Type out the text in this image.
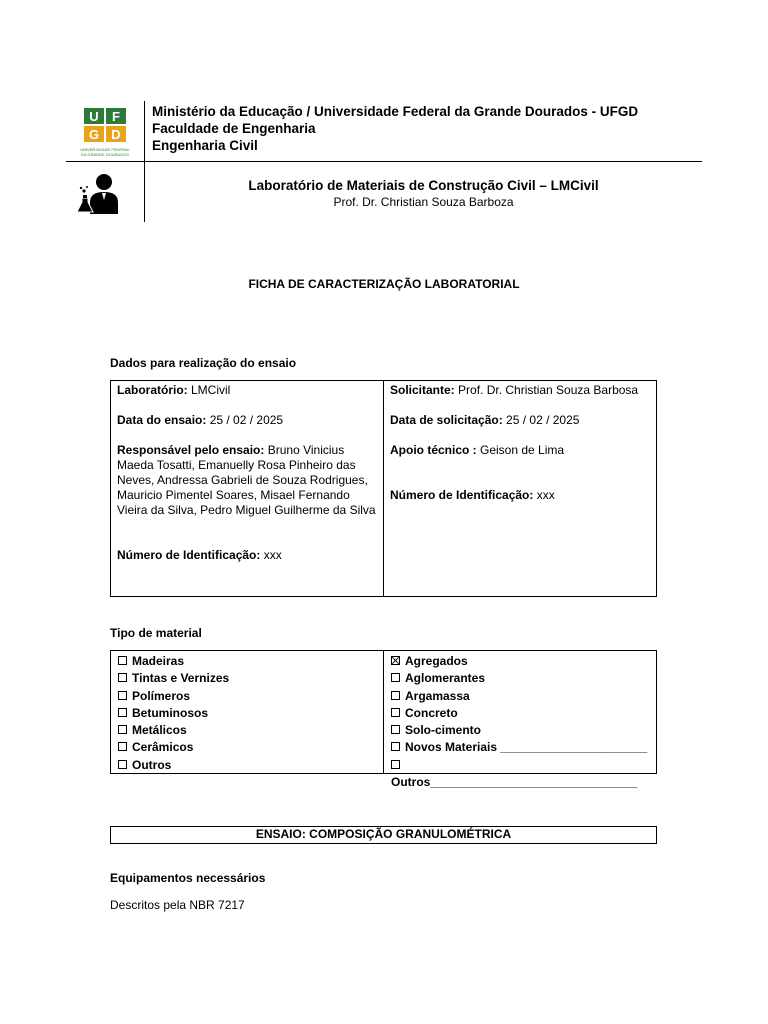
U F
G D
UNIVERSIDADE FEDERAL
DA GRANDE DOURADOS
Ministério da Educação / Universidade Federal da Grande Dourados - UFGD
Faculdade de Engenharia
Engenharia Civil
Laboratório de Materiais de Construção Civil – LMCivil
Prof. Dr. Christian Souza Barboza
FICHA DE CARACTERIZAÇÃO LABORATORIAL
Dados para realização do ensaio
Laboratório: LMCivil
Data do ensaio: 25 / 02 / 2025
Responsável pelo ensaio: Bruno Vinicius Maeda Tosatti, Emanuelly Rosa Pinheiro das Neves, Andressa Gabrieli de Souza Rodrigues, Mauricio Pimentel Soares, Misael Fernando Vieira da Silva, Pedro Miguel Guilherme da Silva
Número de Identificação: xxx
Solicitante: Prof. Dr. Christian Souza Barbosa
Data de solicitação: 25 / 02 / 2025
Apoio técnico : Geison de Lima
Número de Identificação: xxx
Tipo de material
Madeiras
Tintas e Vernizes
Polímeros
Betuminosos
Metálicos
Cerâmicos
Outros
Agregados
Aglomerantes
Argamassa
Concreto
Solo-cimento
Novos Materiais ______________________
Outros_______________________________
ENSAIO: COMPOSIÇÃO GRANULOMÉTRICA
Equipamentos necessários
Descritos pela NBR 7217
